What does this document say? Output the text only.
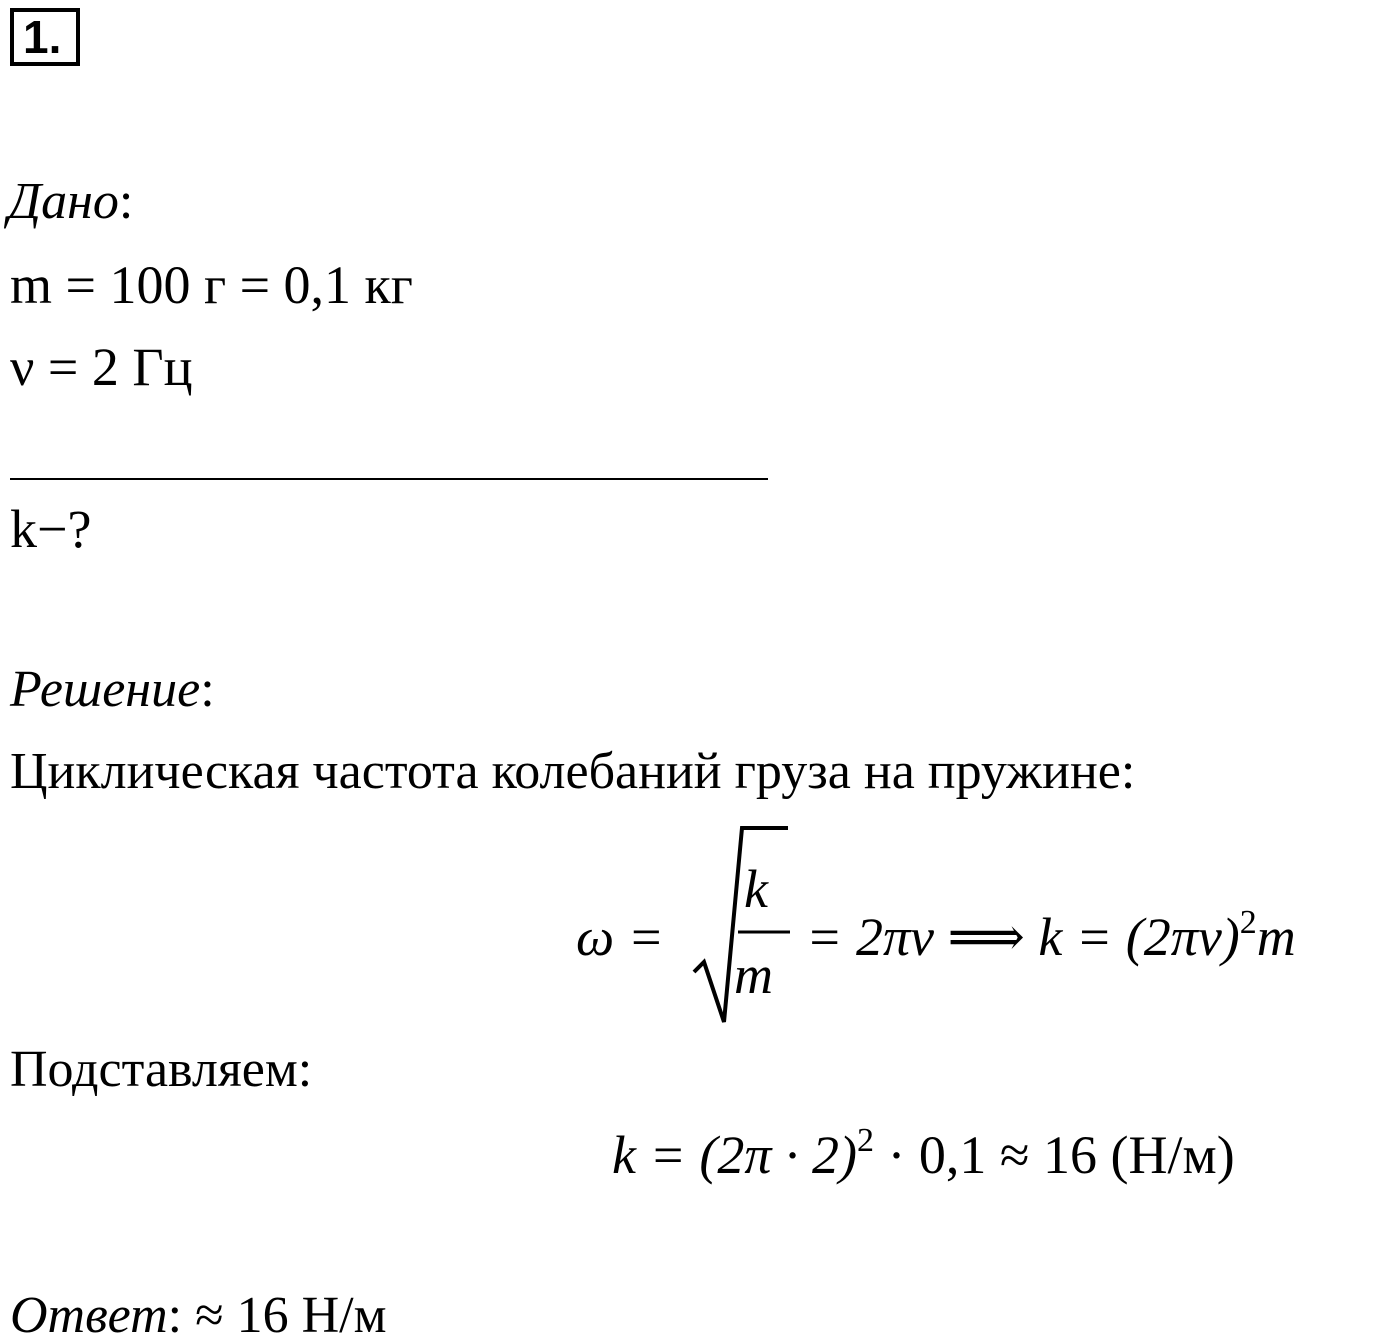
1.
Дано:
m = 100 г = 0,1 кг
ν = 2 Гц
k−?
Решение:
Циклическая частота колебаний груза на пружине:
ω =
k
m
= 2πν ⟹ $k = (2\pi\nu)^2m$
Подставляем:
$k = (2\pi \cdot 2)^2 \cdot 0,1 \approx 16$ (Н/м)
Ответ: ≈ 16 Н/м
